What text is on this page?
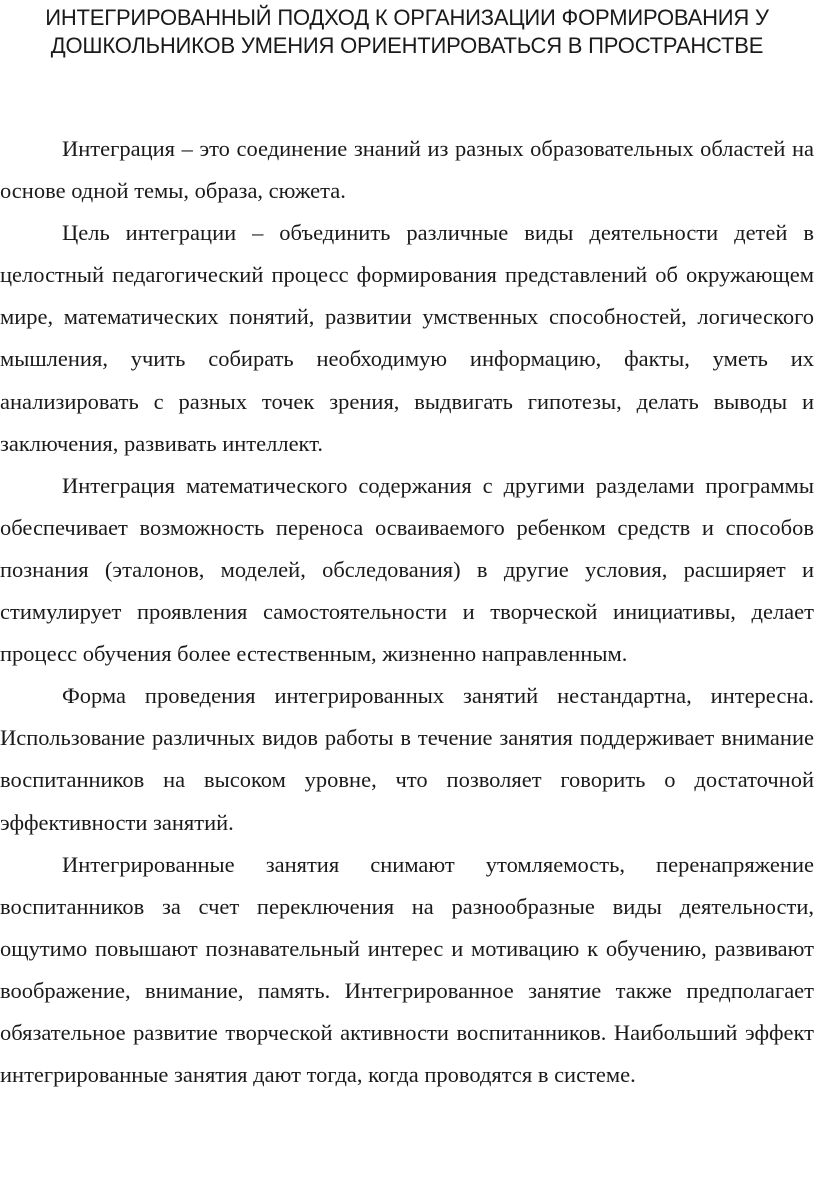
ИНТЕГРИРОВАННЫЙ ПОДХОД К ОРГАНИЗАЦИИ ФОРМИРОВАНИЯ У ДОШКОЛЬНИКОВ УМЕНИЯ ОРИЕНТИРОВАТЬСЯ В ПРОСТРАНСТВЕ

Интеграция – это соединение знаний из разных образовательных областей на основе одной темы, образа, сюжета.

Цель интеграции – объединить различные виды деятельности детей в целостный педагогический процесс формирования представлений об окружающем мире, математических понятий, развитии умственных способностей, логического мышления, учить собирать необходимую информацию, факты, уметь их анализировать с разных точек зрения, выдвигать гипотезы, делать выводы и заключения, развивать интеллект.

Интеграция математического содержания с другими разделами программы обеспечивает возможность переноса осваиваемого ребенком средств и способов познания (эталонов, моделей, обследования) в другие условия, расширяет и стимулирует проявления самостоятельности и творческой инициативы, делает процесс обучения более естественным, жизненно направленным.

Форма проведения интегрированных занятий нестандартна, интересна. Использование различных видов работы в течение занятия поддерживает внимание воспитанников на высоком уровне, что позволяет говорить о достаточной эффективности занятий.

Интегрированные занятия снимают утомляемость, перенапряжение воспитанников за счет переключения на разнообразные виды деятельности, ощутимо повышают познавательный интерес и мотивацию к обучению, развивают воображение, внимание, память. Интегрированное занятие также предполагает обязательное развитие творческой активности воспитанников. Наибольший эффект интегрированные занятия дают тогда, когда проводятся в системе.
